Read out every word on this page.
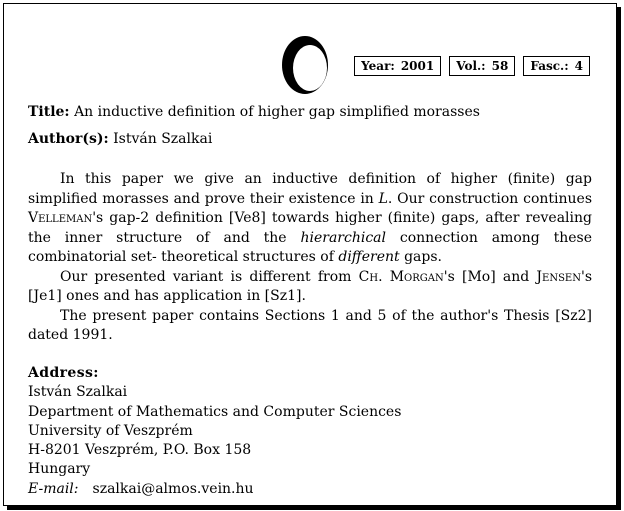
Year: 2001	Vol.: 58	Fasc.: 4
Title: An inductive definition of higher gap simplified morasses
Author(s): István Szalkai

In this paper we give an inductive definition of higher (finite) gap simplified morasses and prove their existence in L. Our construction continues Velleman's gap-2 definition [Ve8] towards higher (finite) gaps, after revealing the inner structure of and the hierarchical connection among these combinatorial set- theoretical structures of different gaps.

Our presented variant is different from Ch. Morgan's [Mo] and Jensen's [Je1] ones and has application in [Sz1].

The present paper contains Sections 1 and 5 of the author's Thesis [Sz2] dated 1991.

Address:
István Szalkai
Department of Mathematics and Computer Sciences
University of Veszprém
H-8201 Veszprém, P.O. Box 158
Hungary
E-mail: szalkai@almos.vein.hu
